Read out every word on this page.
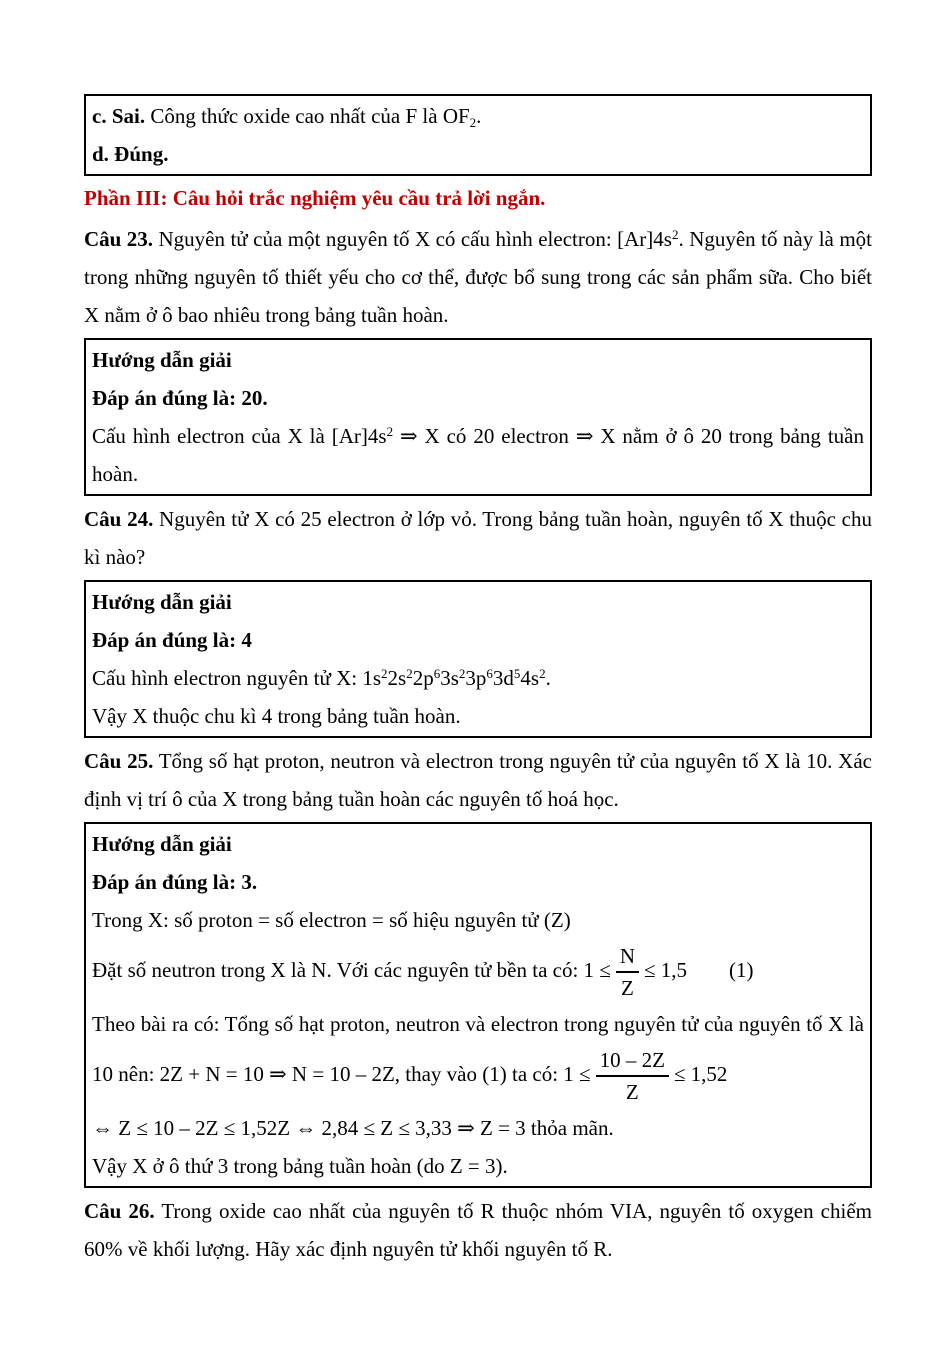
c. Sai. Công thức oxide cao nhất của F là $OF_2$.

d. Đúng.

Phần III: Câu hỏi trắc nghiệm yêu cầu trả lời ngắn.

Câu 23. Nguyên tử của một nguyên tố X có cấu hình electron: $[Ar]4s^2$. Nguyên tố này là một trong những nguyên tố thiết yếu cho cơ thể, được bổ sung trong các sản phẩm sữa. Cho biết X nằm ở ô bao nhiêu trong bảng tuần hoàn.

Hướng dẫn giải

Đáp án đúng là: 20.

Cấu hình electron của X là $[Ar]4s^2$ ⇒ X có 20 electron ⇒ X nằm ở ô 20 trong bảng tuần hoàn.

Câu 24. Nguyên tử X có 25 electron ở lớp vỏ. Trong bảng tuần hoàn, nguyên tố X thuộc chu kì nào?

Hướng dẫn giải

Đáp án đúng là: 4

Cấu hình electron nguyên tử X: $1s^22s^22p^63s^23p^63d^54s^2$.

Vậy X thuộc chu kì 4 trong bảng tuần hoàn.

Câu 25. Tổng số hạt proton, neutron và electron trong nguyên tử của nguyên tố X là 10. Xác định vị trí ô của X trong bảng tuần hoàn các nguyên tố hoá học.

Hướng dẫn giải

Đáp án đúng là: 3.

Trong X: số proton = số electron = số hiệu nguyên tử (Z)

Đặt số neutron trong X là N. Với các nguyên tử bền ta có: $1 \le \frac{N}{Z} \le 1,5$ (1)

Theo bài ra có: Tổng số hạt proton, neutron và electron trong nguyên tử của nguyên tố X là 10 nên: 2Z + N = 10 ⇒ N = 10 – 2Z, thay vào (1) ta có: $1 \le \frac{10 - 2Z}{Z} \le 1,52$

⇔ Z ≤ 10 – 2Z ≤ 1,52Z ⇔ 2,84 ≤ Z ≤ 3,33 ⇒ Z = 3 thỏa mãn.

Vậy X ở ô thứ 3 trong bảng tuần hoàn (do Z = 3).

Câu 26. Trong oxide cao nhất của nguyên tố R thuộc nhóm VIA, nguyên tố oxygen chiếm 60% về khối lượng. Hãy xác định nguyên tử khối nguyên tố R.
